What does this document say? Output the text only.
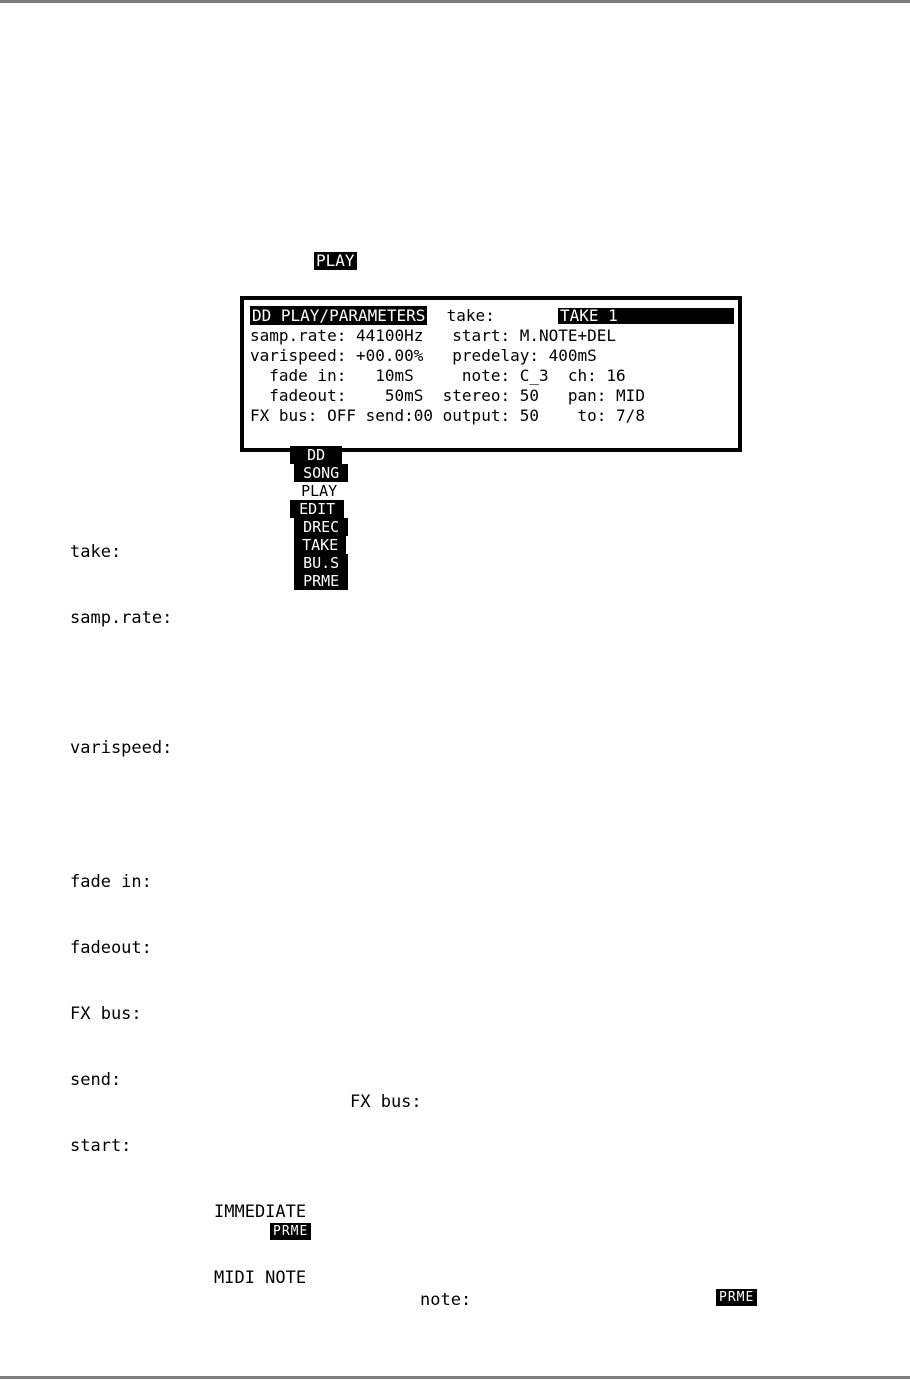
PLAY

DD PLAY/PARAMETERS take:

	TAKE 1

samp.rate: 44100Hz   start: M.NOTE+DEL

varispeed: +00.00%   predelay: 400mS

fade in:   10mS     note: C_3  ch: 16

fadeout:    50mS  stereo: 50   pan: MID

FX bus: OFF send:00 output: 50    to: 7/8

DD
SONG
PLAY
EDIT
DREC
TAKE
BU.S
PRME

take:
samp.rate:
varispeed:
fade in:
fadeout:
FX bus:
send:
FX bus:
start:
IMMEDIATE
PRME
MIDI NOTE
note:	PRME
